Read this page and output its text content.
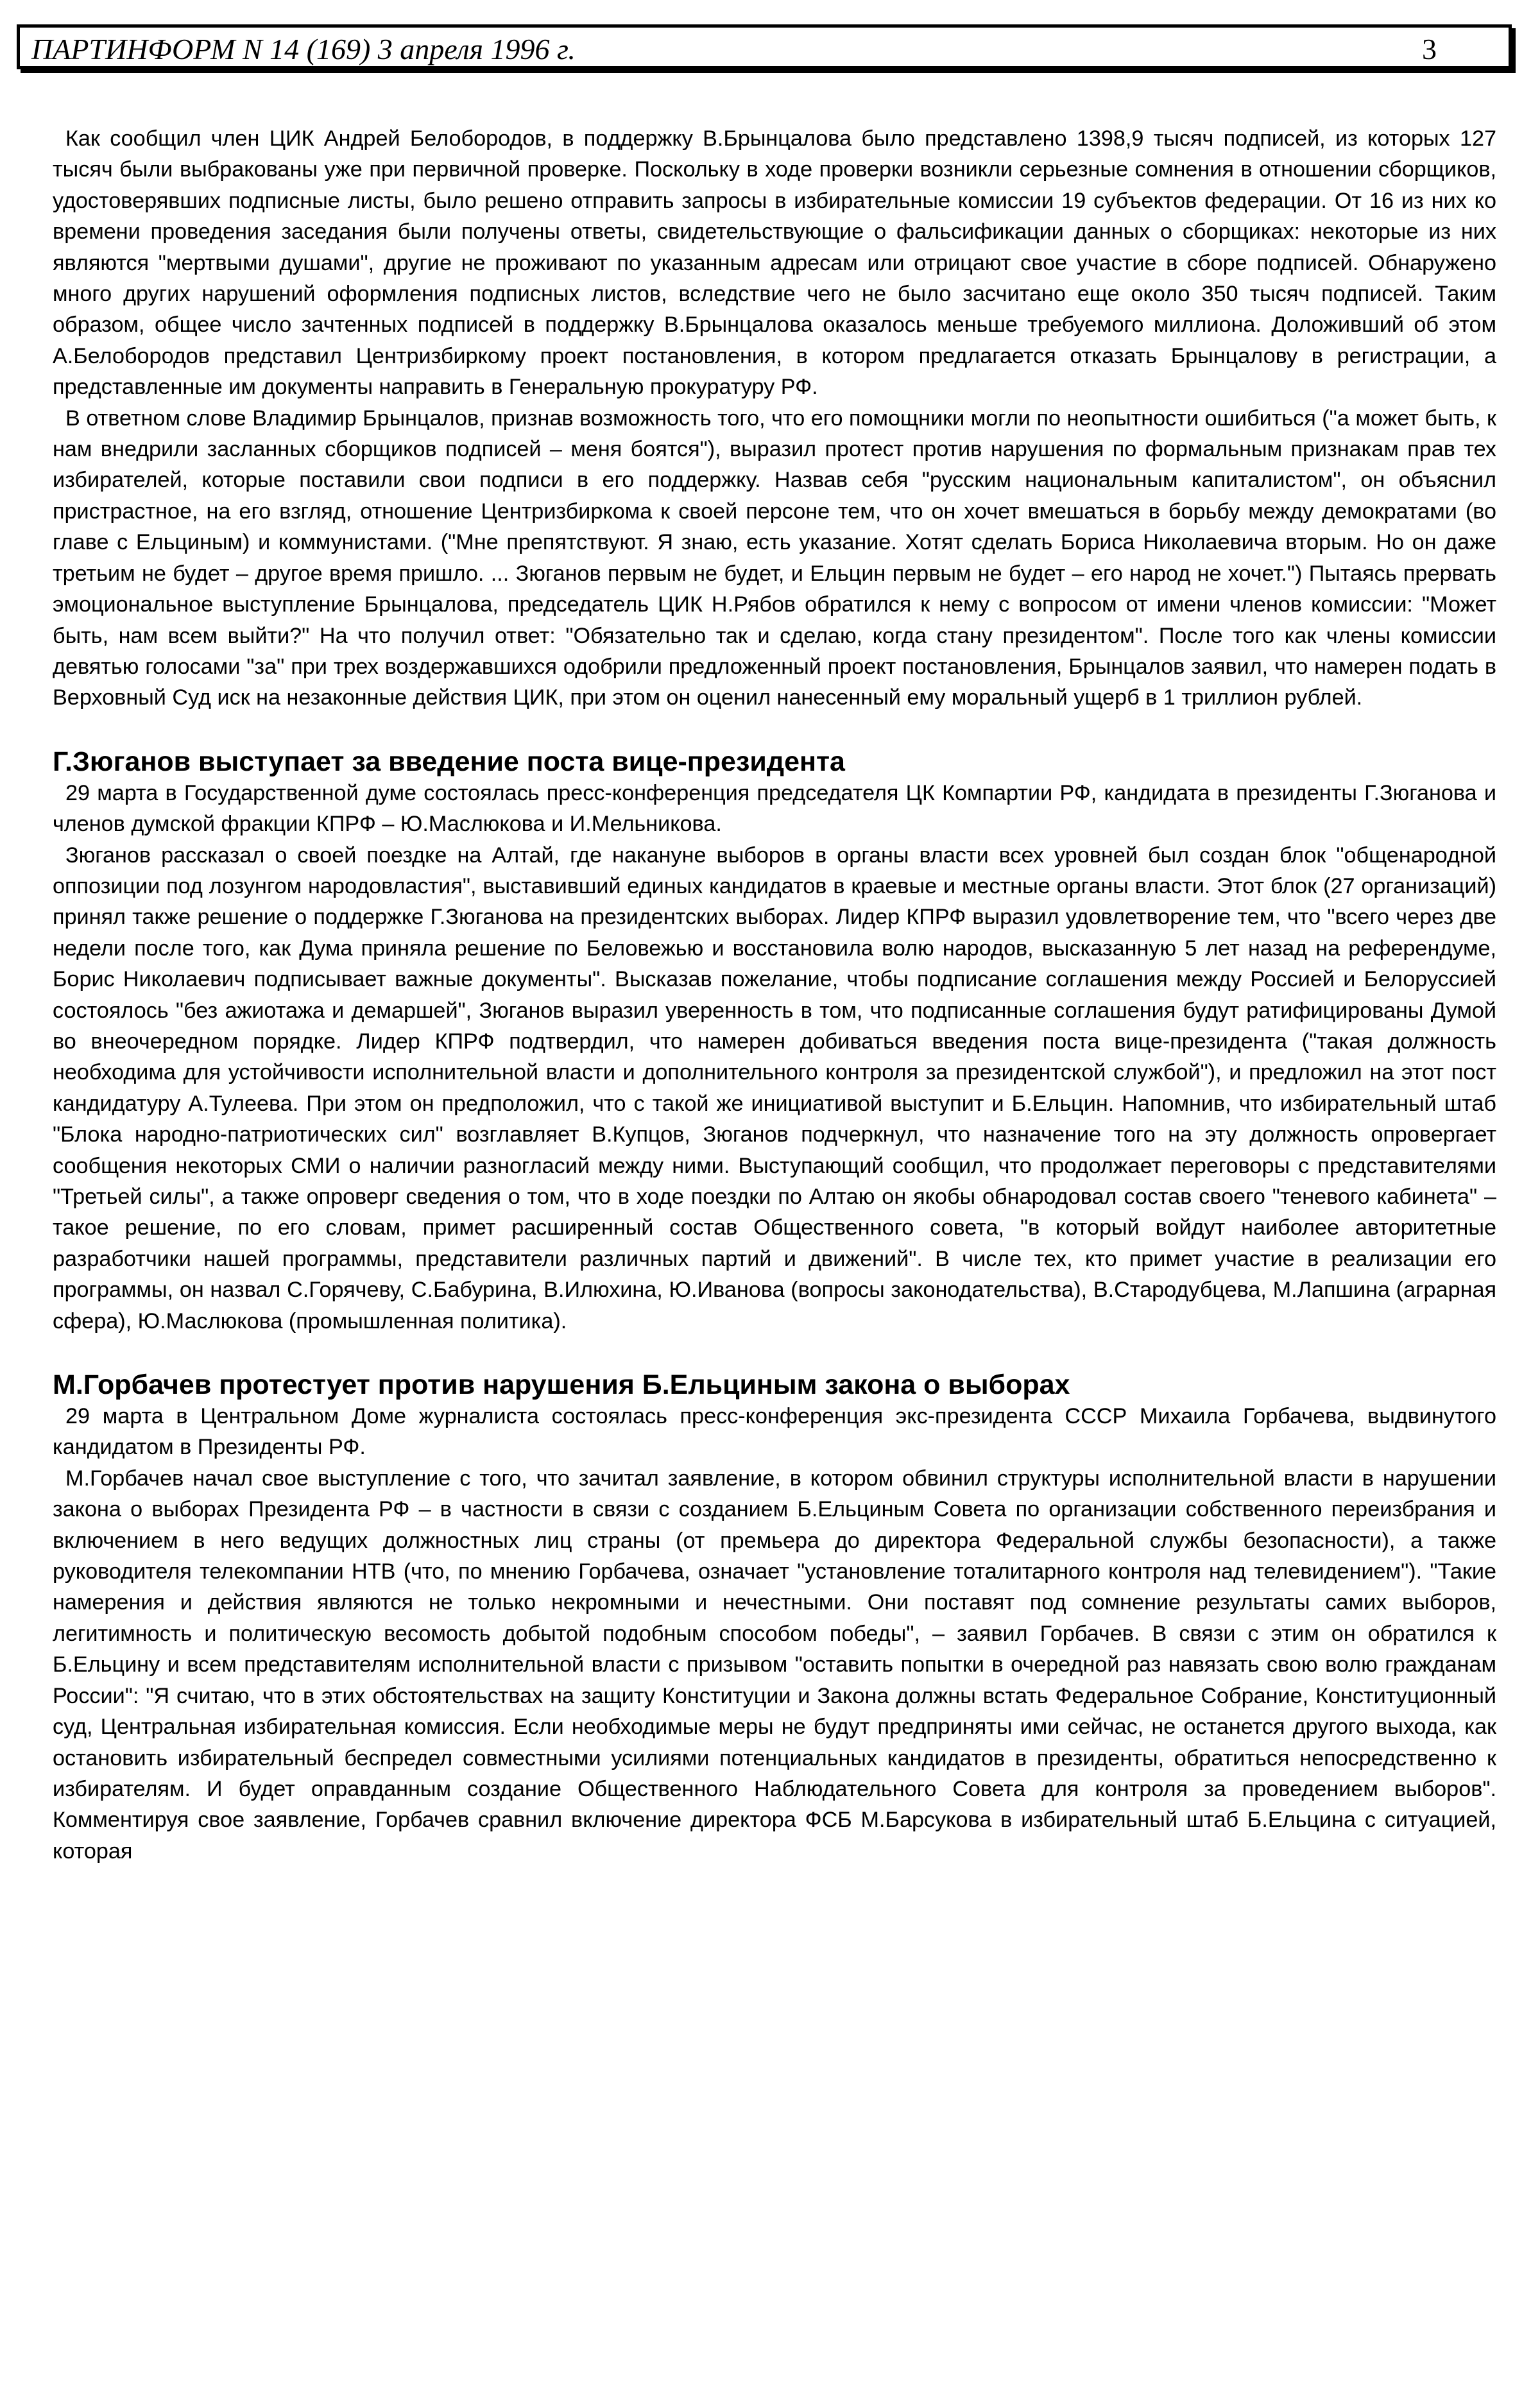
ПАРТИНФОРМ N 14 (169) 3 апреля 1996 г.	3

Как сообщил член ЦИК Андрей Белобородов, в поддержку В.Брынцалова было представлено 1398,9 тысяч подписей, из которых 127 тысяч были выбракованы уже при первичной проверке. Поскольку в ходе проверки возникли серьезные сомнения в отношении сборщиков, удостоверявших подписные листы, было решено отправить запросы в избирательные комиссии 19 субъектов федерации. От 16 из них ко времени проведения заседания были получены ответы, свидетельствующие о фальсификации данных о сборщиках: некоторые из них являются "мертвыми душами", другие не проживают по указанным адресам или отрицают свое участие в сборе подписей. Обнаружено много других нарушений оформления подписных листов, вследствие чего не было засчитано еще около 350 тысяч подписей. Таким образом, общее число зачтенных подписей в поддержку В.Брынцалова оказалось меньше требуемого миллиона. Доложивший об этом А.Белобородов представил Центризбиркому проект постановления, в котором предлагается отказать Брынцалову в регистрации, а представленные им документы направить в Генеральную прокуратуру РФ.

В ответном слове Владимир Брынцалов, признав возможность того, что его помощники могли по неопытности ошибиться ("а может быть, к нам внедрили засланных сборщиков подписей – меня боятся"), выразил протест против нарушения по формальным признакам прав тех избирателей, которые поставили свои подписи в его поддержку. Назвав себя "русским национальным капиталистом", он объяснил пристрастное, на его взгляд, отношение Центризбиркома к своей персоне тем, что он хочет вмешаться в борьбу между демократами (во главе с Ельциным) и коммунистами. ("Мне препятствуют. Я знаю, есть указание. Хотят сделать Бориса Николаевича вторым. Но он даже третьим не будет – другое время пришло. ... Зюганов первым не будет, и Ельцин первым не будет – его народ не хочет.") Пытаясь прервать эмоциональное выступление Брынцалова, председатель ЦИК Н.Рябов обратился к нему с вопросом от имени членов комиссии: "Может быть, нам всем выйти?" На что получил ответ: "Обязательно так и сделаю, когда стану президентом". После того как члены комиссии девятью голосами "за" при трех воздержавшихся одобрили предложенный проект постановления, Брынцалов заявил, что намерен подать в Верховный Суд иск на незаконные действия ЦИК, при этом он оценил нанесенный ему моральный ущерб в 1 триллион рублей.

Г.Зюганов выступает за введение поста вице-президента

29 марта в Государственной думе состоялась пресс-конференция председателя ЦК Компартии РФ, кандидата в президенты Г.Зюганова и членов думской фракции КПРФ – Ю.Маслюкова и И.Мельникова.

Зюганов рассказал о своей поездке на Алтай, где накануне выборов в органы власти всех уровней был создан блок "общенародной оппозиции под лозунгом народовластия", выставивший единых кандидатов в краевые и местные органы власти. Этот блок (27 организаций) принял также решение о поддержке Г.Зюганова на президентских выборах. Лидер КПРФ выразил удовлетворение тем, что "всего через две недели после того, как Дума приняла решение по Беловежью и восстановила волю народов, высказанную 5 лет назад на референдуме, Борис Николаевич подписывает важные документы". Высказав пожелание, чтобы подписание соглашения между Россией и Белоруссией состоялось "без ажиотажа и демаршей", Зюганов выразил уверенность в том, что подписанные соглашения будут ратифицированы Думой во внеочередном порядке. Лидер КПРФ подтвердил, что намерен добиваться введения поста вице-президента ("такая должность необходима для устойчивости исполнительной власти и дополнительного контроля за президентской службой"), и предложил на этот пост кандидатуру А.Тулеева. При этом он предположил, что с такой же инициативой выступит и Б.Ельцин. Напомнив, что избирательный штаб "Блока народно-патриотических сил" возглавляет В.Купцов, Зюганов подчеркнул, что назначение того на эту должность опровергает сообщения некоторых СМИ о наличии разногласий между ними. Выступающий сообщил, что продолжает переговоры с представителями "Третьей силы", а также опроверг сведения о том, что в ходе поездки по Алтаю он якобы обнародовал состав своего "теневого кабинета" – такое решение, по его словам, примет расширенный состав Общественного совета, "в который войдут наиболее авторитетные разработчики нашей программы, представители различных партий и движений". В числе тех, кто примет участие в реализации его программы, он назвал С.Горячеву, С.Бабурина, В.Илюхина, Ю.Иванова (вопросы законодательства), В.Стародубцева, М.Лапшина (аграрная сфера), Ю.Маслюкова (промышленная политика).

М.Горбачев протестует против нарушения Б.Ельциным закона о выборах

29 марта в Центральном Доме журналиста состоялась пресс-конференция экс-президента СССР Михаила Горбачева, выдвинутого кандидатом в Президенты РФ.

М.Горбачев начал свое выступление с того, что зачитал заявление, в котором обвинил структуры исполнительной власти в нарушении закона о выборах Президента РФ – в частности в связи с созданием Б.Ельциным Совета по организации собственного переизбрания и включением в него ведущих должностных лиц страны (от премьера до директора Федеральной службы безопасности), а также руководителя телекомпании НТВ (что, по мнению Горбачева, означает "установление тоталитарного контроля над телевидением"). "Такие намерения и действия являются не только некромными и нечестными. Они поставят под сомнение результаты самих выборов, легитимность и политическую весомость добытой подобным способом победы", – заявил Горбачев. В связи с этим он обратился к Б.Ельцину и всем представителям исполнительной власти с призывом "оставить попытки в очередной раз навязать свою волю гражданам России": "Я считаю, что в этих обстоятельствах на защиту Конституции и Закона должны встать Федеральное Собрание, Конституционный суд, Центральная избирательная комиссия. Если необходимые меры не будут предприняты ими сейчас, не останется другого выхода, как остановить избирательный беспредел совместными усилиями потенциальных кандидатов в президенты, обратиться непосредственно к избирателям. И будет оправданным создание Общественного Наблюдательного Совета для контроля за проведением выборов". Комментируя свое заявление, Горбачев сравнил включение директора ФСБ М.Барсукова в избирательный штаб Б.Ельцина с ситуацией, которая
